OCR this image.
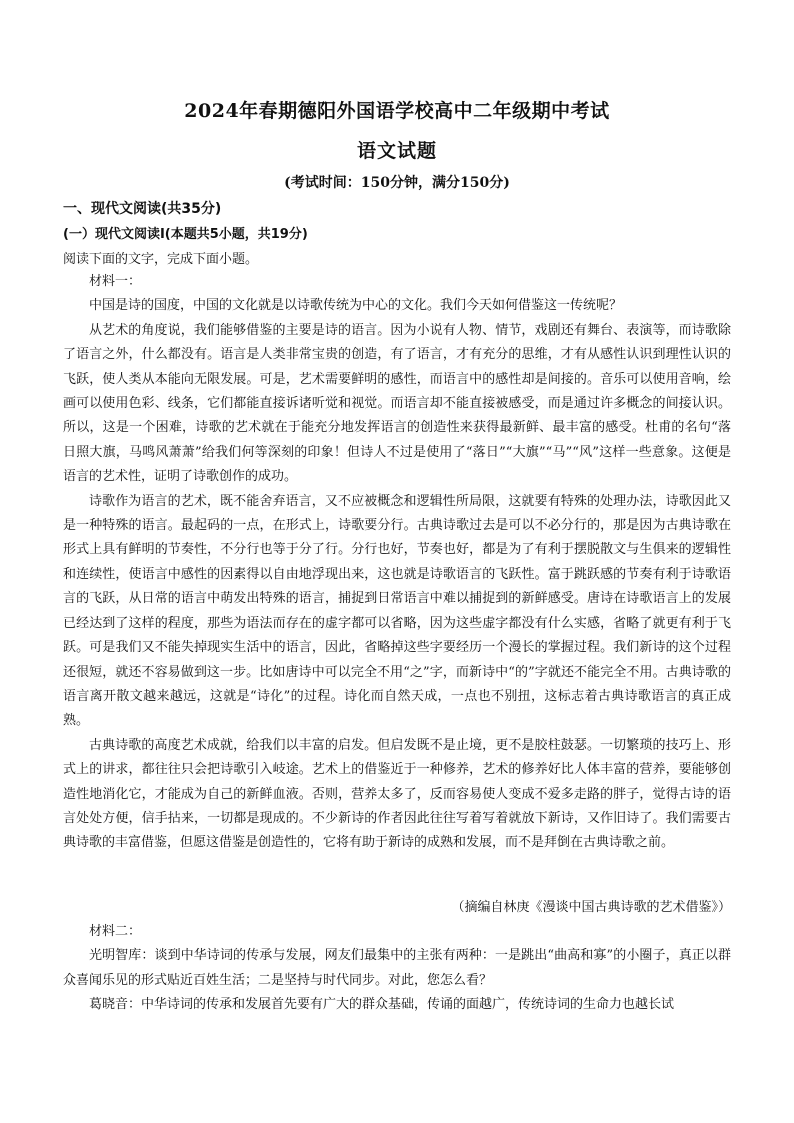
2024年春期德阳外国语学校高中二年级期中考试
语文试题
(考试时间：150分钟，满分150分)
一、现代文阅读(共35分)
(一）现代文阅读Ⅰ(本题共5小题，共19分)
阅读下面的文字，完成下面小题。

材料一：

中国是诗的国度，中国的文化就是以诗歌传统为中心的文化。我们今天如何借鉴这一传统呢？

从艺术的角度说，我们能够借鉴的主要是诗的语言。因为小说有人物、情节，戏剧还有舞台、表演等，而诗歌除了语言之外，什么都没有。语言是人类非常宝贵的创造，有了语言，才有充分的思维，才有从感性认识到理性认识的飞跃，使人类从本能向无限发展。可是，艺术需要鲜明的感性，而语言中的感性却是间接的。音乐可以使用音响，绘画可以使用色彩、线条，它们都能直接诉诸听觉和视觉。而语言却不能直接被感受，而是通过许多概念的间接认识。所以，这是一个困难，诗歌的艺术就在于能充分地发挥语言的创造性来获得最新鲜、最丰富的感受。杜甫的名句“落日照大旗，马鸣风萧萧”给我们何等深刻的印象！但诗人不过是使用了“落日”“大旗”“马”“风”这样一些意象。这便是语言的艺术性，证明了诗歌创作的成功。

诗歌作为语言的艺术，既不能舍弃语言，又不应被概念和逻辑性所局限，这就要有特殊的处理办法，诗歌因此又是一种特殊的语言。最起码的一点，在形式上，诗歌要分行。古典诗歌过去是可以不必分行的，那是因为古典诗歌在形式上具有鲜明的节奏性，不分行也等于分了行。分行也好，节奏也好，都是为了有利于摆脱散文与生俱来的逻辑性和连续性，使语言中感性的因素得以自由地浮现出来，这也就是诗歌语言的飞跃性。富于跳跃感的节奏有利于诗歌语言的飞跃，从日常的语言中萌发出特殊的语言，捕捉到日常语言中难以捕捉到的新鲜感受。唐诗在诗歌语言上的发展已经达到了这样的程度，那些为语法而存在的虚字都可以省略，因为这些虚字都没有什么实感，省略了就更有利于飞跃。可是我们又不能失掉现实生活中的语言，因此，省略掉这些字要经历一个漫长的掌握过程。我们新诗的这个过程还很短，就还不容易做到这一步。比如唐诗中可以完全不用“之”字，而新诗中“的”字就还不能完全不用。古典诗歌的语言离开散文越来越远，这就是“诗化”的过程。诗化而自然天成，一点也不别扭，这标志着古典诗歌语言的真正成熟。

古典诗歌的高度艺术成就，给我们以丰富的启发。但启发既不是止境，更不是胶柱鼓瑟。一切繁琐的技巧上、形式上的讲求，都往往只会把诗歌引入岐途。艺术上的借鉴近于一种修养，艺术的修养好比人体丰富的营养，要能够创造性地消化它，才能成为自己的新鲜血液。否则，营养太多了，反而容易使人变成不爱多走路的胖子，觉得古诗的语言处处方便，信手拈来，一切都是现成的。不少新诗的作者因此往往写着写着就放下新诗，又作旧诗了。我们需要古典诗歌的丰富借鉴，但愿这借鉴是创造性的，它将有助于新诗的成熟和发展，而不是拜倒在古典诗歌之前。

（摘编自林庚《漫谈中国古典诗歌的艺术借鉴》）

材料二：

光明智库：谈到中华诗词的传承与发展，网友们最集中的主张有两种：一是跳出“曲高和寡”的小圈子，真正以群众喜闻乐见的形式贴近百姓生活；二是坚持与时代同步。对此，您怎么看？

葛晓音：中华诗词的传承和发展首先要有广大的群众基础，传诵的面越广，传统诗词的生命力也越长试
